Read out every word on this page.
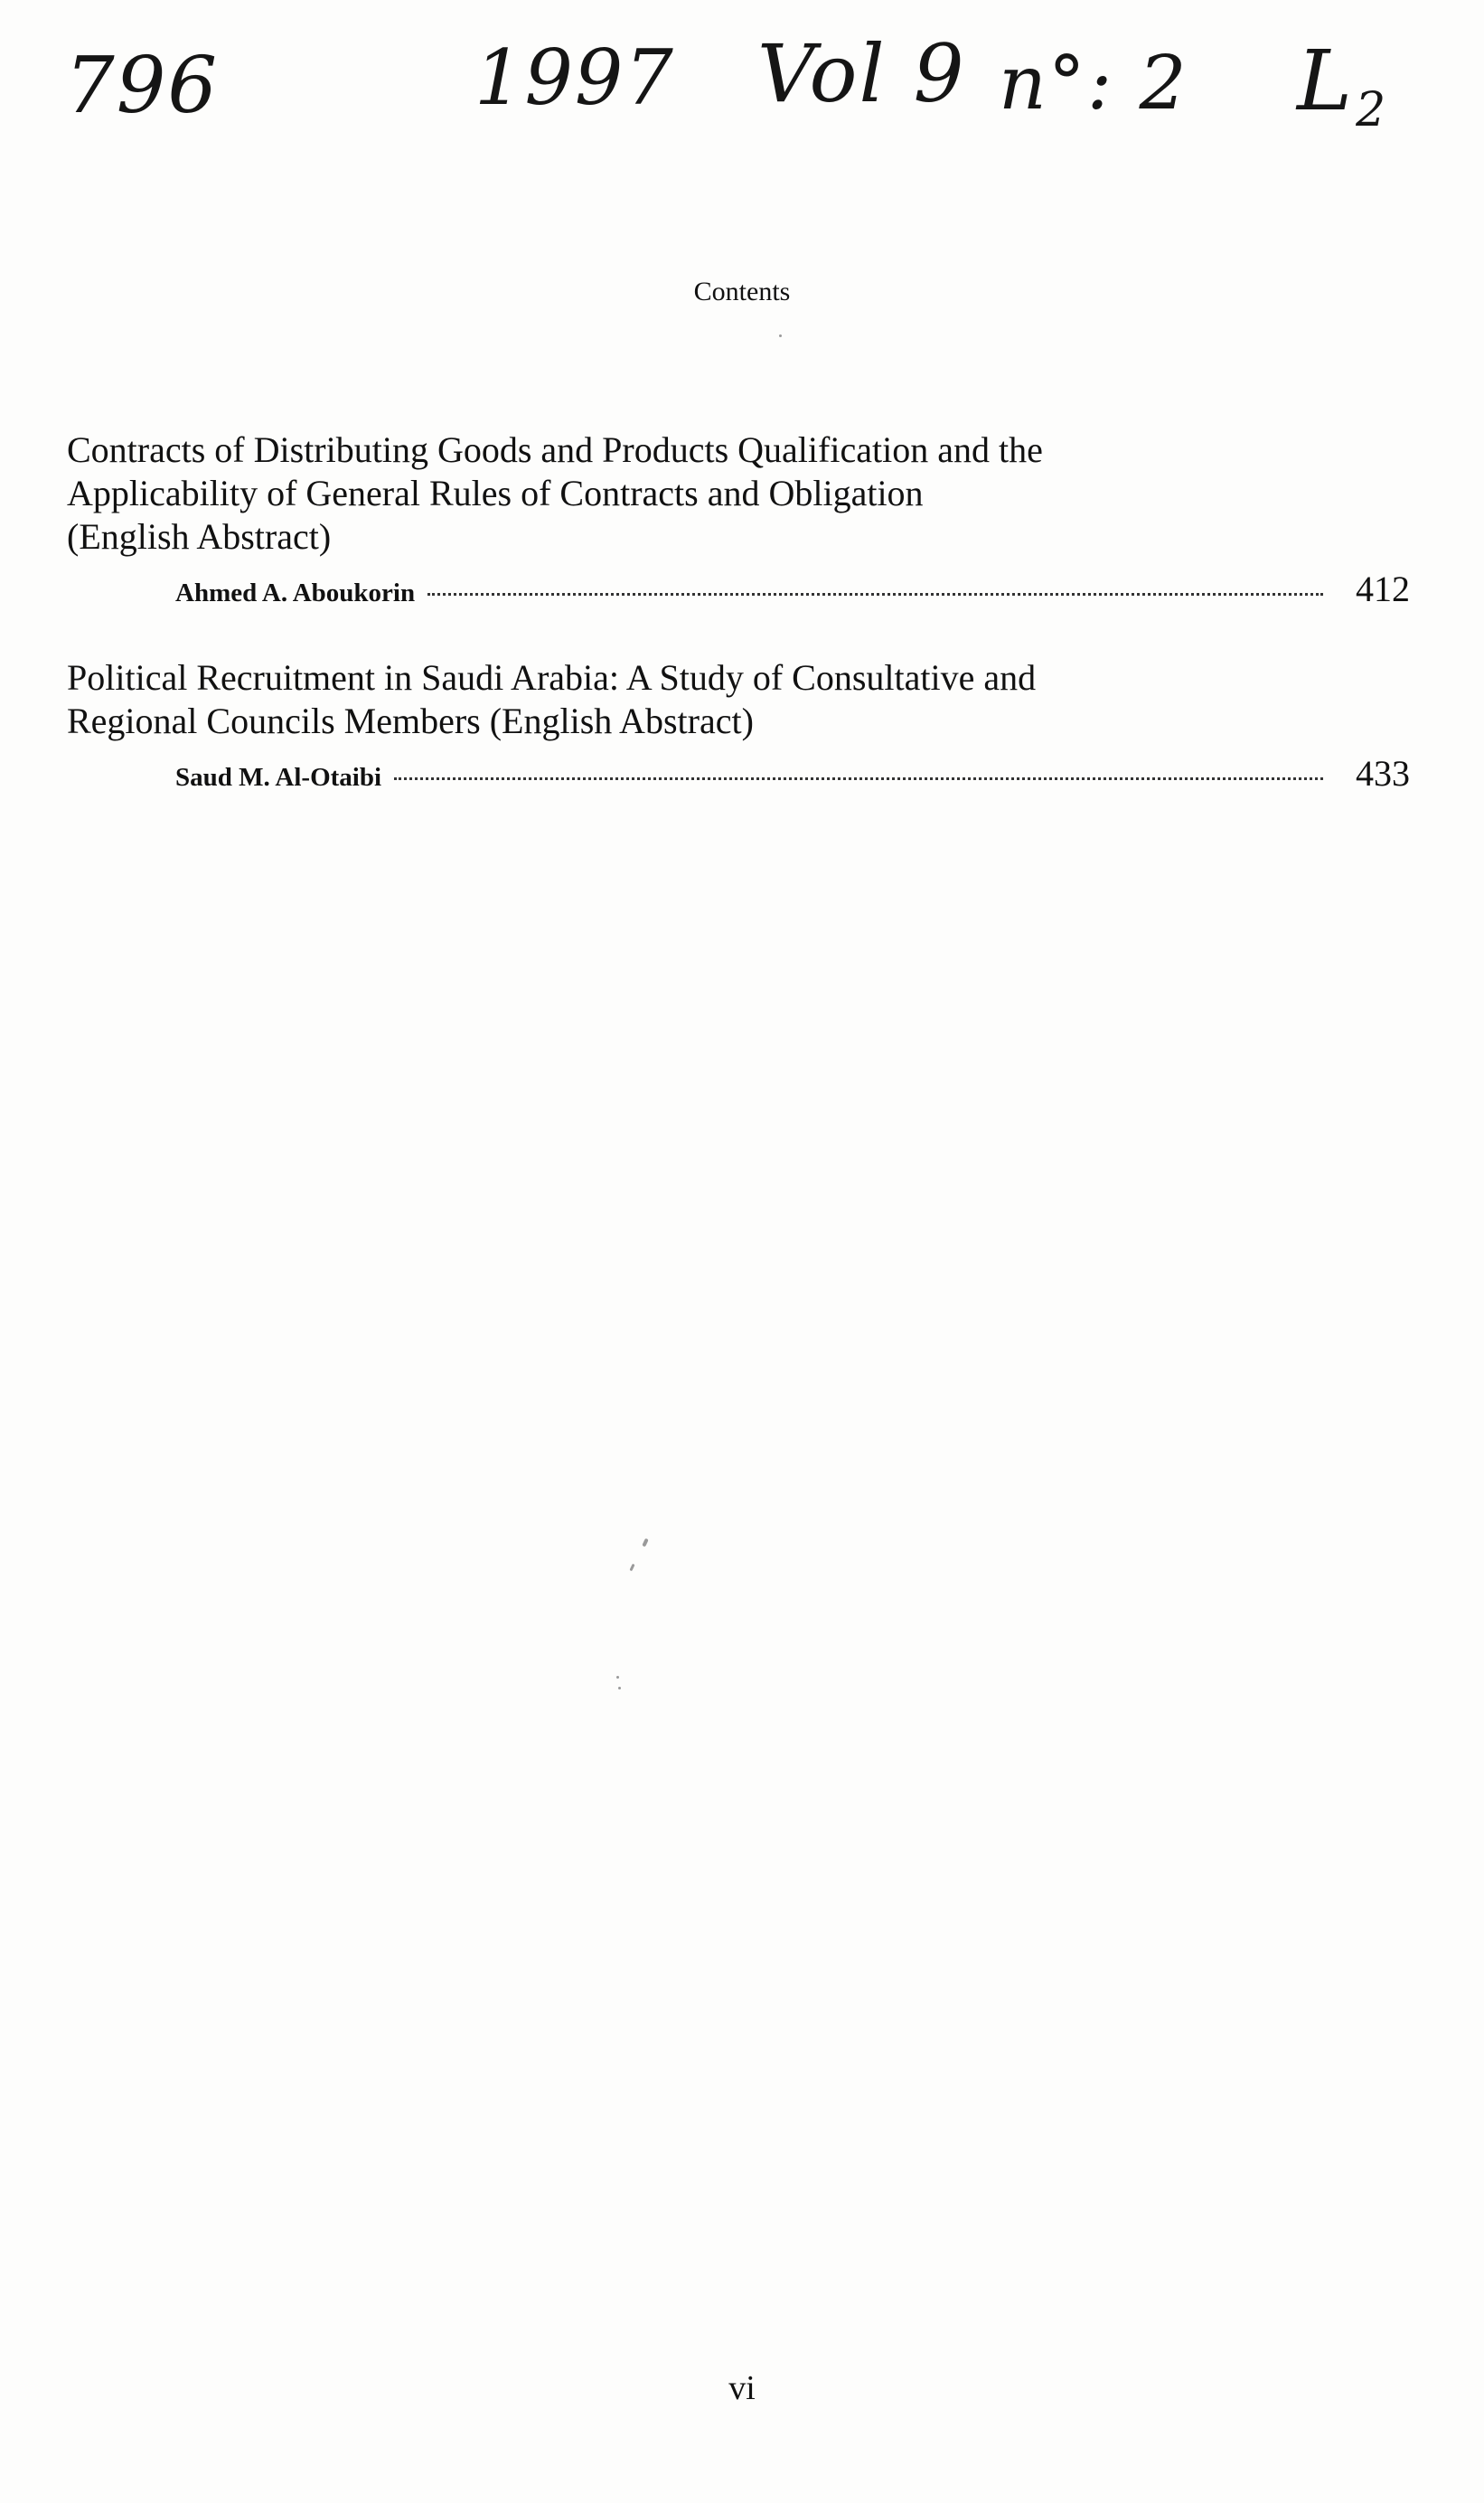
796	1997 Vol 9 n°: 2 $L_2$
Contents
Contracts of Distributing Goods and Products Qualification and the
Applicability of General Rules of Contracts and Obligation
(English Abstract)
Ahmed A. Aboukorin	412
Political Recruitment in Saudi Arabia: A Study of Consultative and
Regional Councils Members (English Abstract)
Saud M. Al-Otaibi	433
vi
